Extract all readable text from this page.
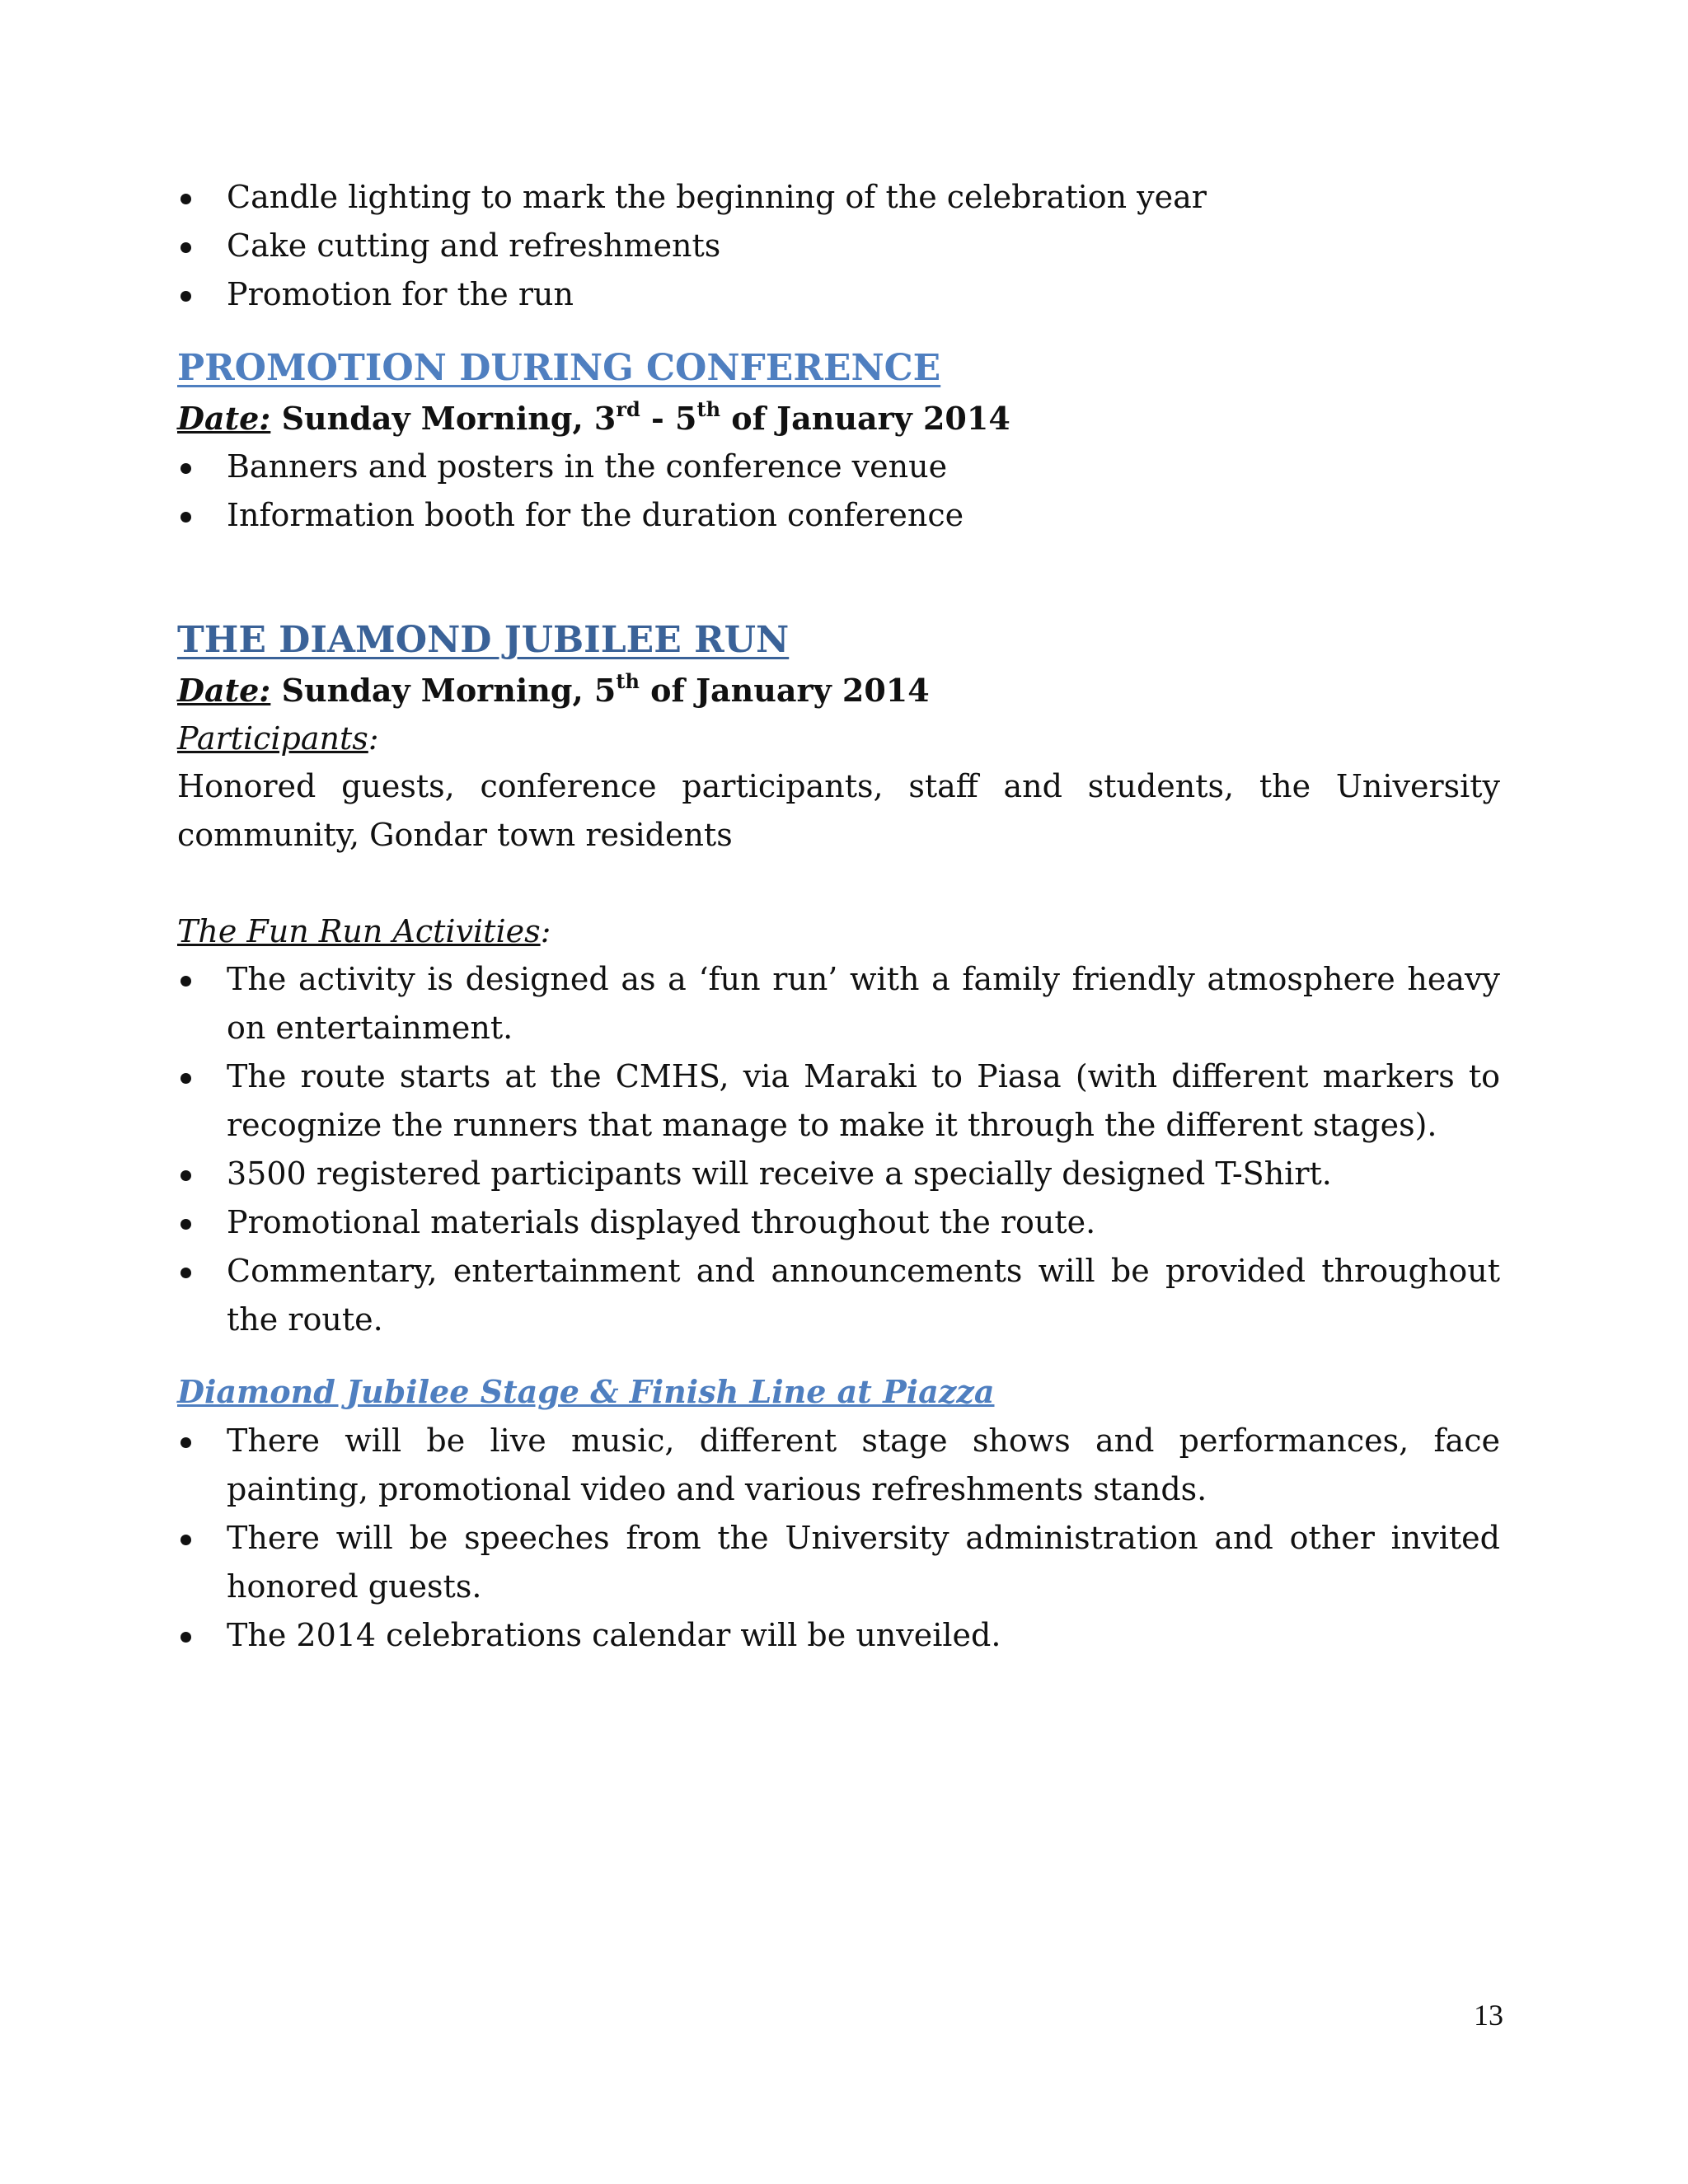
Candle lighting to mark the beginning of the celebration year
Cake cutting and refreshments
Promotion for the run
PROMOTION DURING CONFERENCE
Date: Sunday Morning, 3rd - 5th of January 2014
Banners and posters in the conference venue
Information booth for the duration conference
THE DIAMOND JUBILEE RUN
Date: Sunday Morning, 5th of January 2014
Participants:
Honored guests, conference participants, staff and students, the University community, Gondar town residents
The Fun Run Activities:
The activity is designed as a ‘fun run’ with a family friendly atmosphere heavy on entertainment.
The route starts at the CMHS, via Maraki to Piasa (with different markers to recognize the runners that manage to make it through the different stages).
3500 registered participants will receive a specially designed T-Shirt.
Promotional materials displayed throughout the route.
Commentary, entertainment and announcements will be provided throughout the route.
Diamond Jubilee Stage & Finish Line at Piazza
There will be live music, different stage shows and performances, face painting, promotional video and various refreshments stands.
There will be speeches from the University administration and other invited honored guests.
The 2014 celebrations calendar will be unveiled.
13
